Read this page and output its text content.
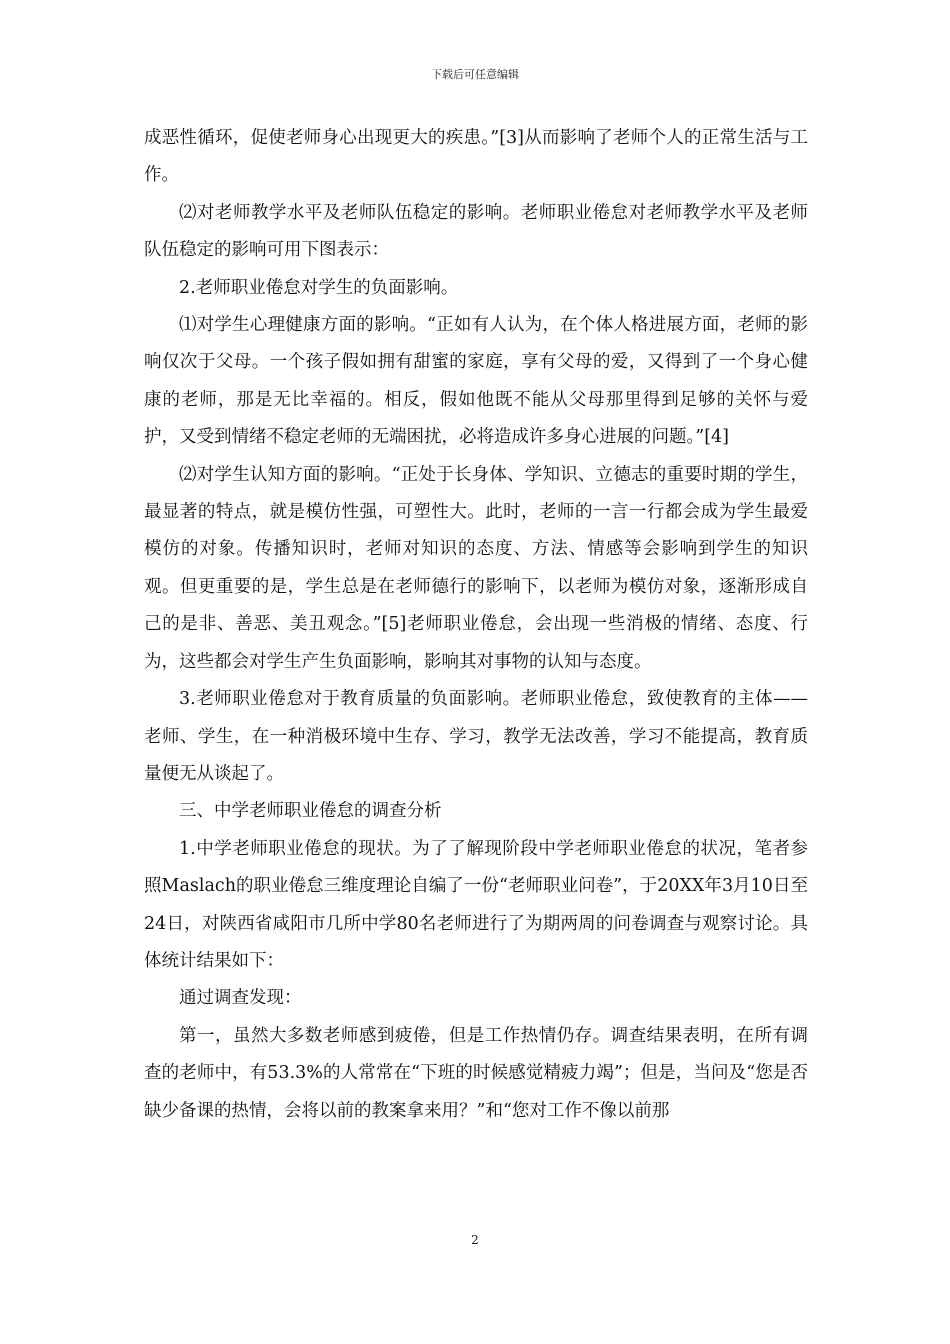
下载后可任意编辑

成恶性循环，促使老师身心出现更大的疾患。”[3]从而影响了老师个人的正常生活与工作。

⑵对老师教学水平及老师队伍稳定的影响。老师职业倦怠对老师教学水平及老师队伍稳定的影响可用下图表示：

2.老师职业倦怠对学生的负面影响。

⑴对学生心理健康方面的影响。“正如有人认为，在个体人格进展方面，老师的影响仅次于父母。一个孩子假如拥有甜蜜的家庭，享有父母的爱，又得到了一个身心健康的老师，那是无比幸福的。相反，假如他既不能从父母那里得到足够的关怀与爱护，又受到情绪不稳定老师的无端困扰，必将造成许多身心进展的问题。”[4]

⑵对学生认知方面的影响。“正处于长身体、学知识、立德志的重要时期的学生，最显著的特点，就是模仿性强，可塑性大。此时，老师的一言一行都会成为学生最爱模仿的对象。传播知识时，老师对知识的态度、方法、情感等会影响到学生的知识观。但更重要的是，学生总是在老师德行的影响下，以老师为模仿对象，逐渐形成自己的是非、善恶、美丑观念。”[5]老师职业倦怠，会出现一些消极的情绪、态度、行为，这些都会对学生产生负面影响，影响其对事物的认知与态度。

3.老师职业倦怠对于教育质量的负面影响。老师职业倦怠，致使教育的主体——老师、学生，在一种消极环境中生存、学习，教学无法改善，学习不能提高，教育质量便无从谈起了。

三、中学老师职业倦怠的调查分析

1.中学老师职业倦怠的现状。为了了解现阶段中学老师职业倦怠的状况，笔者参照Maslach的职业倦怠三维度理论自编了一份“老师职业问卷”，于20XX年3月10日至24日，对陕西省咸阳市几所中学80名老师进行了为期两周的问卷调查与观察讨论。具体统计结果如下：

通过调查发现：

第一，虽然大多数老师感到疲倦，但是工作热情仍存。调查结果表明，在所有调查的老师中，有53.3%的人常常在“下班的时候感觉精疲力竭”；但是，当问及“您是否缺少备课的热情，会将以前的教案拿来用？”和“您对工作不像以前那

2
